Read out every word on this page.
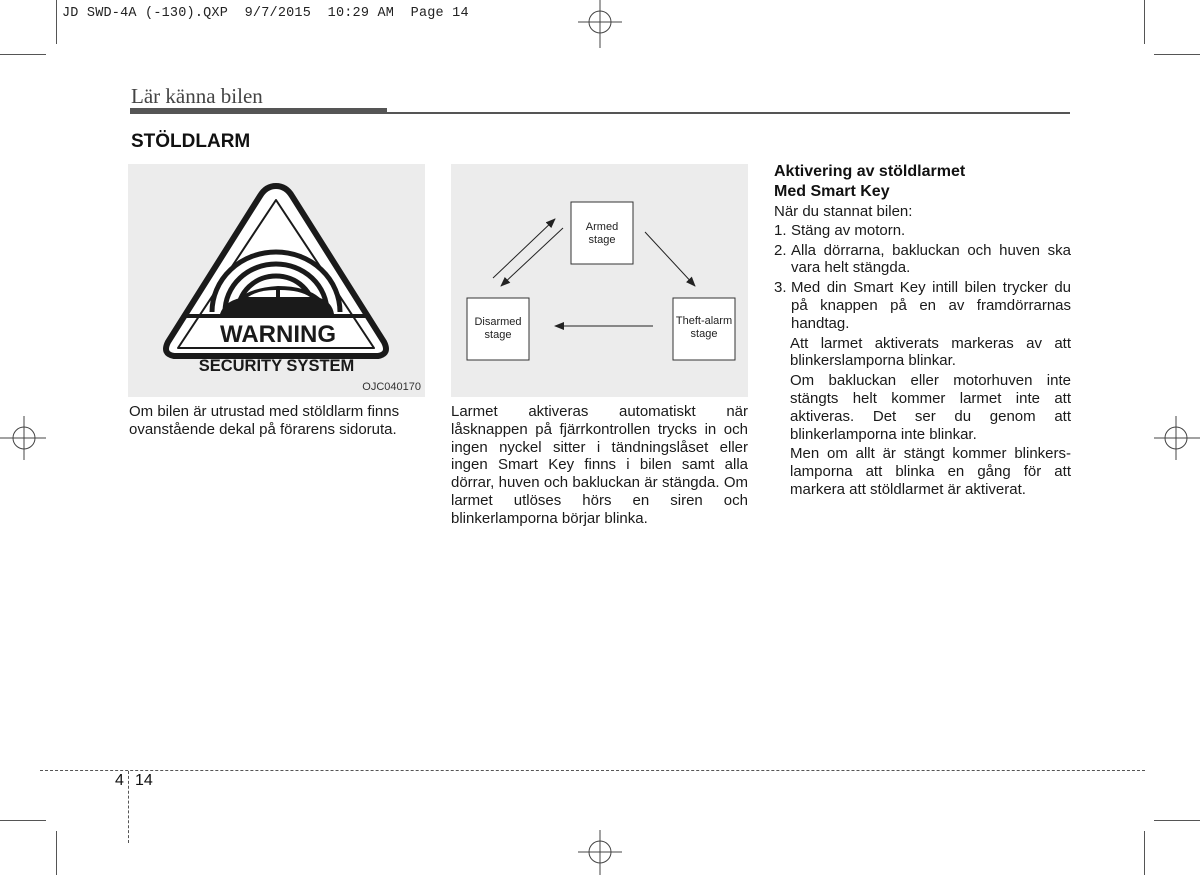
JD SWD-4A (-130).QXP  9/7/2015  10:29 AM  Page 14
Lär känna bilen
STÖLDLARM
WARNING
SECURITY SYSTEM
OJC040170
Armed
stage
Disarmed
stage
Theft-alarm
stage
Om bilen är utrustad med stöldlarm finns ovanstående dekal på förarens sidoruta.
Larmet aktiveras automatiskt när låsknappen på fjärrkontrollen trycks in och ingen nyckel sitter i tändningslåset eller ingen Smart Key finns i bilen samt alla dörrar, huven och bakluckan är stängda. Om larmet utlöses hörs en siren och blinkerlamporna börjar blinka.
Aktivering av stöldlarmet
Med Smart Key
När du stannat bilen:
1. Stäng av motorn.
2. Alla dörrarna, bakluckan och huven ska vara helt stängda.
3. Med din Smart Key intill bilen trycker du på knappen på en av framdörrarnas handtag.
Att larmet aktiverats markeras av att blinkerslamporna blinkar.
Om bakluckan eller motorhuven inte stängts helt kommer larmet inte att aktiveras. Det ser du genom att blinkerlamporna inte blinkar.
Men om allt är stängt kommer blinkers-lamporna att blinka en gång för att markera att stöldlarmet är aktiverat.
4 14
